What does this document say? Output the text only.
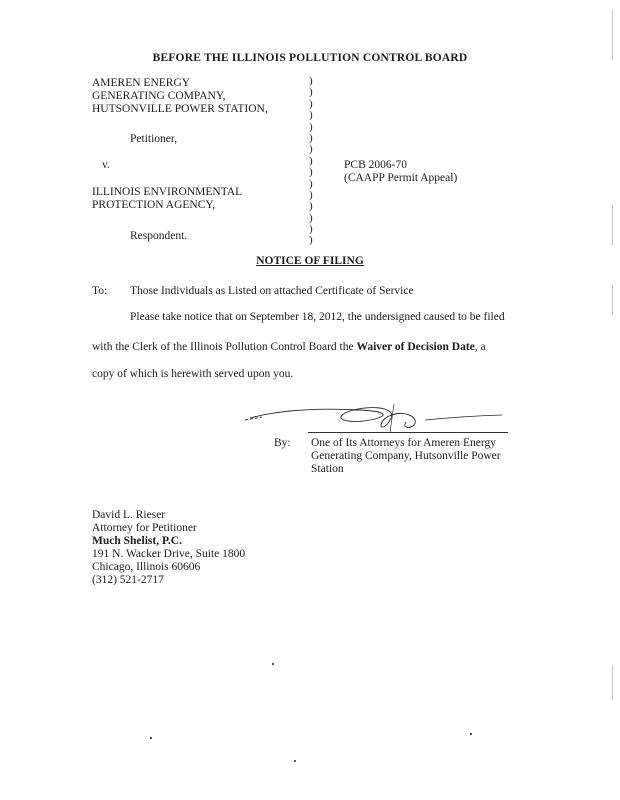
BEFORE THE ILLINOIS POLLUTION CONTROL BOARD
AMEREN ENERGY
GENERATING COMPANY,
HUTSONVILLE POWER STATION,
Petitioner,
v.
ILLINOIS ENVIRONMENTAL
PROTECTION AGENCY,
Respondent.
)
)
)
)
)
)
)
)
)
)
)
)
)
)
)
PCB 2006-70
(CAAPP Permit Appeal)
NOTICE OF FILING
To: Those Individuals as Listed on attached Certificate of Service
Please take notice that on September 18, 2012, the undersigned caused to be filed
with the Clerk of the Illinois Pollution Control Board the Waiver of Decision Date, a
copy of which is herewith served upon you.
By: One of Its Attorneys for Ameren Energy
Generating Company, Hutsonville Power
Station
David L. Rieser
Attorney for Petitioner
Much Shelist, P.C.
191 N. Wacker Drive, Suite 1800
Chicago, Illinois 60606
(312) 521-2717
